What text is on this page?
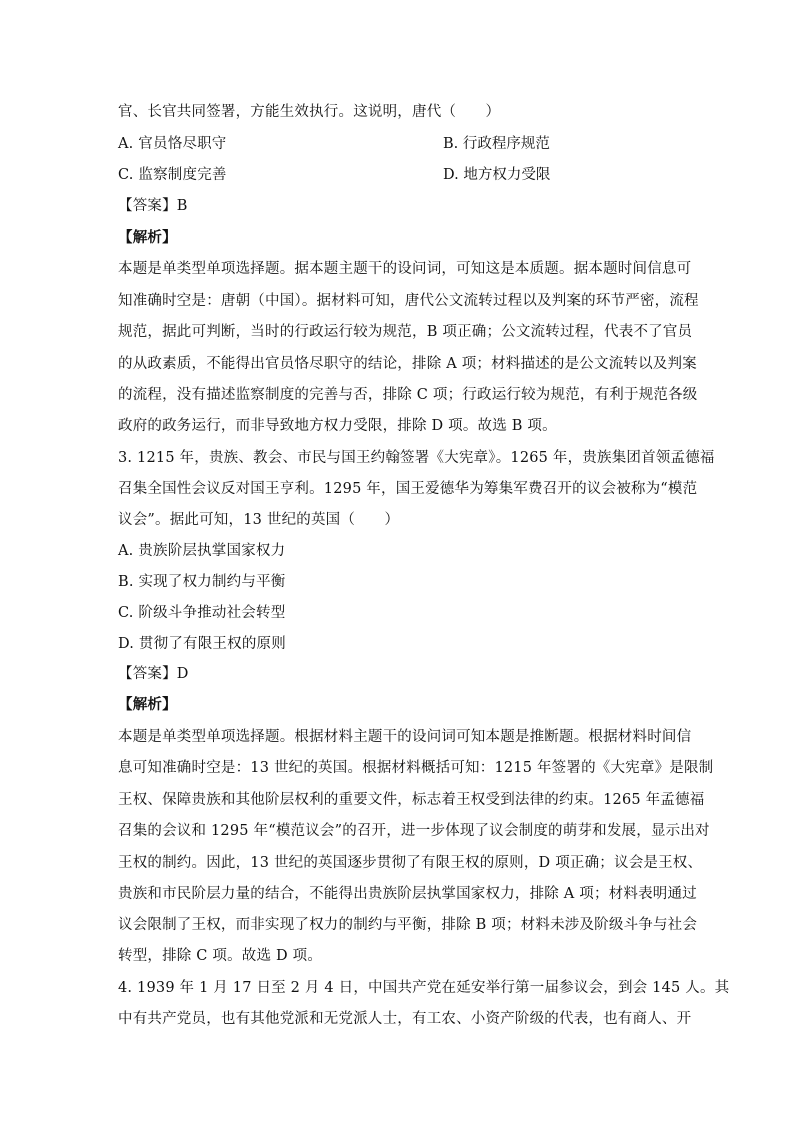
官、长官共同签署，方能生效执行。这说明，唐代（　　）
A. 官员恪尽职守	B. 行政程序规范
C. 监察制度完善	D. 地方权力受限
【答案】B
【解析】
本题是单类型单项选择题。据本题主题干的设问词，可知这是本质题。据本题时间信息可
知准确时空是：唐朝（中国）。据材料可知，唐代公文流转过程以及判案的环节严密，流程
规范，据此可判断，当时的行政运行较为规范，B 项正确；公文流转过程，代表不了官员
的从政素质，不能得出官员恪尽职守的结论，排除 A 项；材料描述的是公文流转以及判案
的流程，没有描述监察制度的完善与否，排除 C 项；行政运行较为规范，有利于规范各级
政府的政务运行，而非导致地方权力受限，排除 D 项。故选 B 项。
3. 1215 年，贵族、教会、市民与国王约翰签署《大宪章》。1265 年，贵族集团首领孟德福
召集全国性会议反对国王亨利。1295 年，国王爱德华为筹集军费召开的议会被称为“模范
议会”。据此可知，13 世纪的英国（　　）
A. 贵族阶层执掌国家权力
B. 实现了权力制约与平衡
C. 阶级斗争推动社会转型
D. 贯彻了有限王权的原则
【答案】D
【解析】
本题是单类型单项选择题。根据材料主题干的设问词可知本题是推断题。根据材料时间信
息可知准确时空是：13 世纪的英国。根据材料概括可知：1215 年签署的《大宪章》是限制
王权、保障贵族和其他阶层权利的重要文件，标志着王权受到法律的约束。1265 年孟德福
召集的会议和 1295 年“模范议会”的召开，进一步体现了议会制度的萌芽和发展，显示出对
王权的制约。因此，13 世纪的英国逐步贯彻了有限王权的原则，D 项正确；议会是王权、
贵族和市民阶层力量的结合，不能得出贵族阶层执掌国家权力，排除 A 项；材料表明通过
议会限制了王权，而非实现了权力的制约与平衡，排除 B 项；材料未涉及阶级斗争与社会
转型，排除 C 项。故选 D 项。
4. 1939 年 1 月 17 日至 2 月 4 日，中国共产党在延安举行第一届参议会，到会 145 人。其
中有共产党员，也有其他党派和无党派人士，有工农、小资产阶级的代表，也有商人、开
